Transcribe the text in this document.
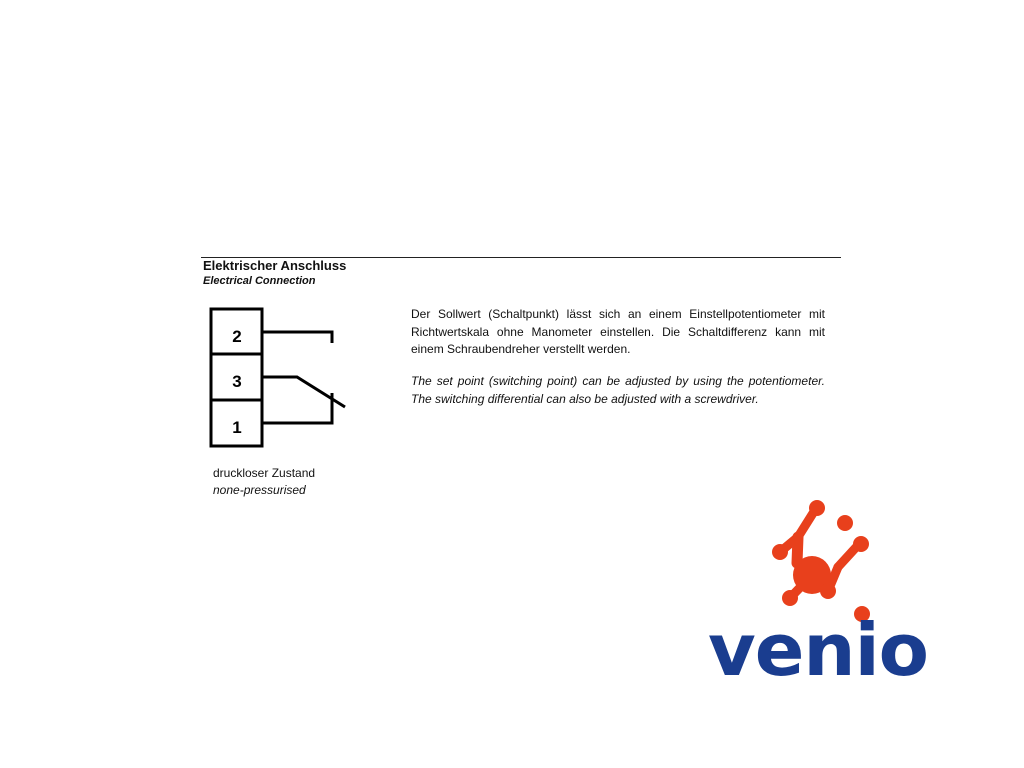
Elektrischer Anschluss
Electrical Connection
2
3
1
druckloser Zustand
none-pressurised

Der Sollwert (Schaltpunkt) lässt sich an einem Einstellpotentiometer mit Richtwertskala ohne Manometer einstellen. Die Schaltdifferenz kann mit einem Schraubendreher verstellt werden.

The set point (switching point) can be adjusted by using the potentiometer. The switching differential can also be adjusted with a screwdriver.

venio
